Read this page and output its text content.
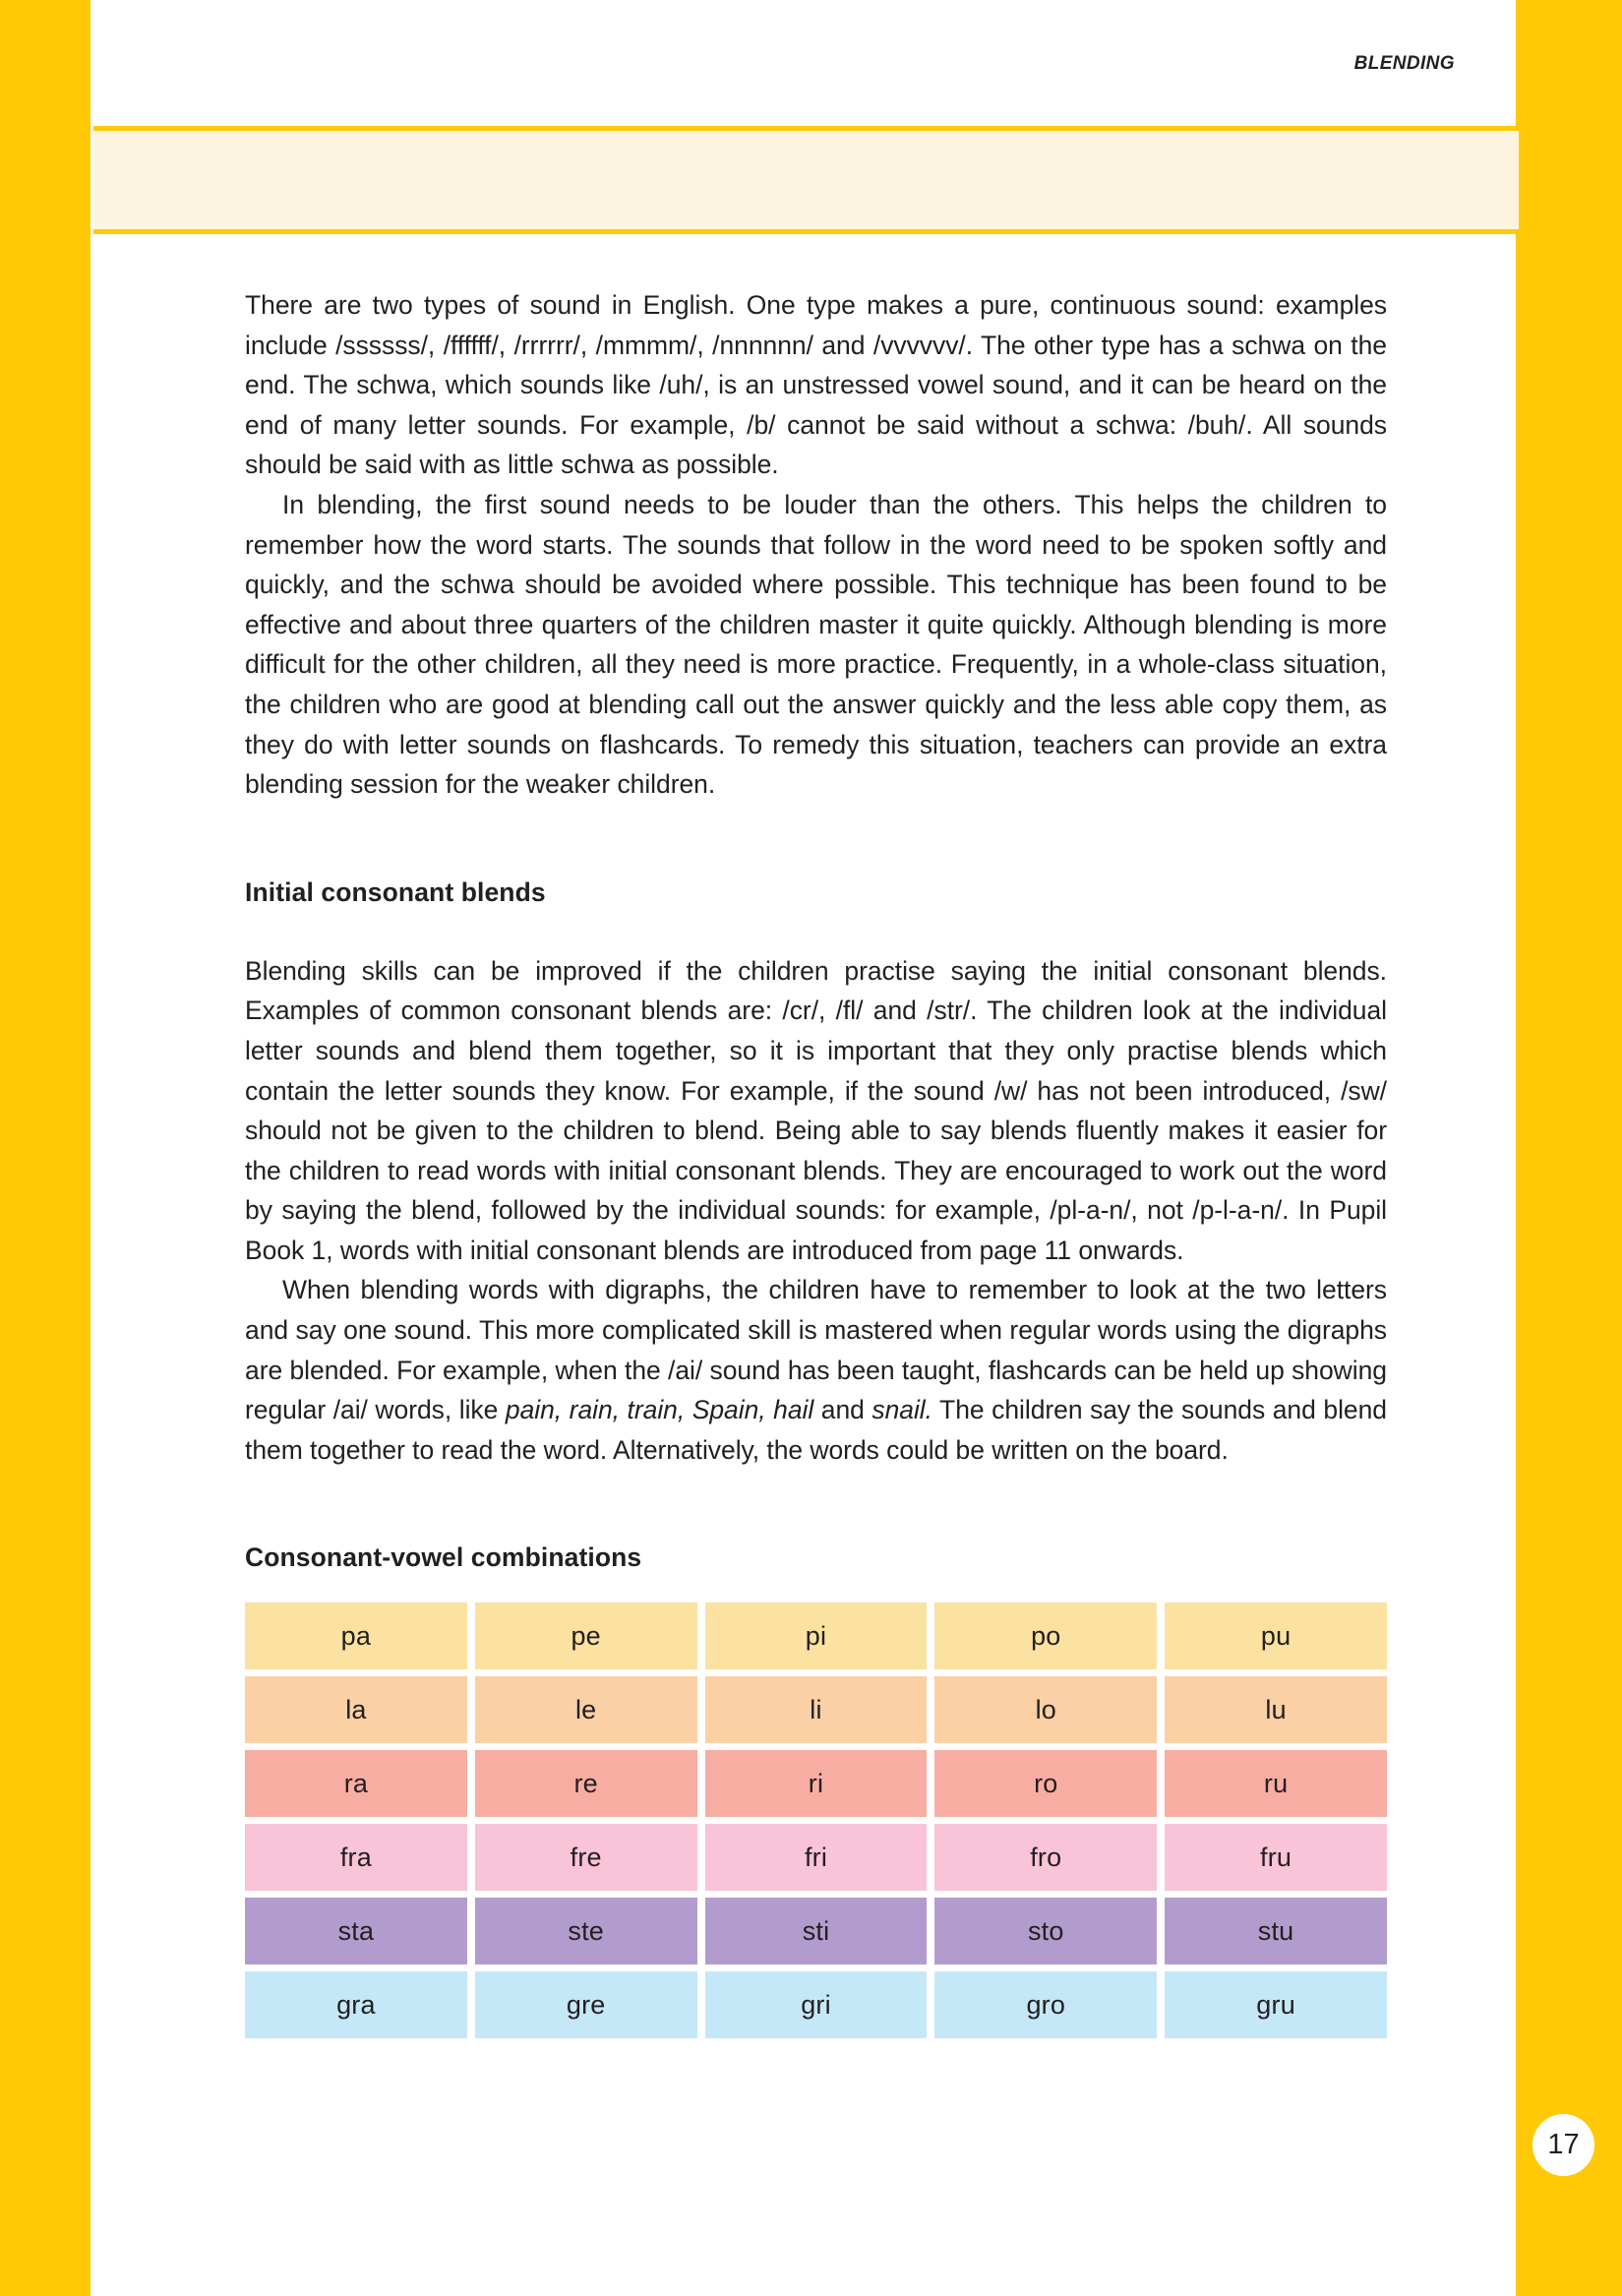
blending

There are two types of sound in English. One type makes a pure, continuous sound: examples include /ssssss/, /ffffff/, /rrrrrr/, /mmmm/, /nnnnnn/ and /vvvvvv/. The other type has a schwa on the end. The schwa, which sounds like /uh/, is an unstressed vowel sound, and it can be heard on the end of many letter sounds. For example, /b/ cannot be said without a schwa: /buh/. All sounds should be said with as little schwa as possible.

In blending, the first sound needs to be louder than the others. This helps the children to remember how the word starts. The sounds that follow in the word need to be spoken softly and quickly, and the schwa should be avoided where possible. This technique has been found to be effective and about three quarters of the children master it quite quickly. Although blending is more difficult for the other children, all they need is more practice. Frequently, in a whole-class situation, the children who are good at blending call out the answer quickly and the less able copy them, as they do with letter sounds on flashcards. To remedy this situation, teachers can provide an extra blending session for the weaker children.

Initial consonant blends

Blending skills can be improved if the children practise saying the initial consonant blends. Examples of common consonant blends are: /cr/, /fl/ and /str/. The children look at the individual letter sounds and blend them together, so it is important that they only practise blends which contain the letter sounds they know. For example, if the sound /w/ has not been introduced, /sw/ should not be given to the children to blend. Being able to say blends fluently makes it easier for the children to read words with initial consonant blends. They are encouraged to work out the word by saying the blend, followed by the individual sounds: for example, /pl-a-n/, not /p-l-a-n/. In Pupil Book 1, words with initial consonant blends are introduced from page 11 onwards.

When blending words with digraphs, the children have to remember to look at the two letters and say one sound. This more complicated skill is mastered when regular words using the digraphs are blended. For example, when the /ai/ sound has been taught, flashcards can be held up showing regular /ai/ words, like pain, rain, train, Spain, hail and snail. The children say the sounds and blend them together to read the word. Alternatively, the words could be written on the board.

Consonant-vowel combinations
pa	pe	pi	po	pu
la	le	li	lo	lu
ra	re	ri	ro	ru
fra	fre	fri	fro	fru
sta	ste	sti	sto	stu
gra	gre	gri	gro	gru
17
